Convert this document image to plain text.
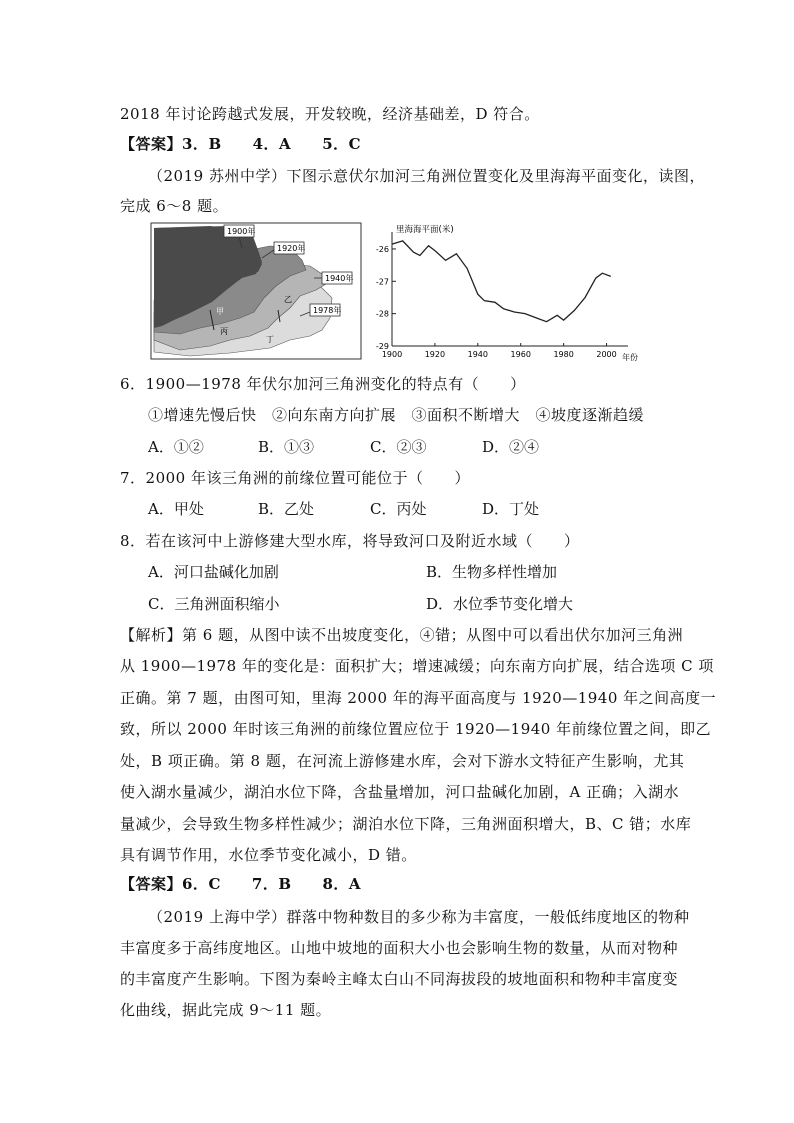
2018 年讨论跨越式发展，开发较晚，经济基础差，D 符合。
【答案】3．B　　4．A　　5．C
（2019 苏州中学）下图示意伏尔加河三角洲位置变化及里海海平面变化，读图，
完成 6～8 题。
1900年
1920年
1940年
1978年
甲
乙
丙
丁
里海海平面(米)
年份
-26
-27
-28
-29
1900	1920	1940	1960	1980	2000
6．1900—1978 年伏尔加河三角洲变化的特点有（　　）
①增速先慢后快　②向东南方向扩展　③面积不断增大　④坡度逐渐趋缓
A．①②	B．①③	C．②③	D．②④
7．2000 年该三角洲的前缘位置可能位于（　　）
A．甲处	B．乙处	C．丙处	D．丁处
8．若在该河中上游修建大型水库，将导致河口及附近水域（　　）
A．河口盐碱化加剧	B．生物多样性增加
C．三角洲面积缩小	D．水位季节变化增大
【解析】第 6 题，从图中读不出坡度变化，④错；从图中可以看出伏尔加河三角洲
从 1900—1978 年的变化是：面积扩大；增速减缓；向东南方向扩展，结合选项 C 项
正确。第 7 题，由图可知，里海 2000 年的海平面高度与 1920—1940 年之间高度一
致，所以 2000 年时该三角洲的前缘位置应位于 1920—1940 年前缘位置之间，即乙
处，B 项正确。第 8 题，在河流上游修建水库，会对下游水文特征产生影响，尤其
使入湖水量减少，湖泊水位下降，含盐量增加，河口盐碱化加剧，A 正确；入湖水
量减少，会导致生物多样性减少；湖泊水位下降，三角洲面积增大，B、C 错；水库
具有调节作用，水位季节变化减小，D 错。
【答案】6．C　　7．B　　8．A
（2019 上海中学）群落中物种数目的多少称为丰富度，一般低纬度地区的物种
丰富度多于高纬度地区。山地中坡地的面积大小也会影响生物的数量，从而对物种
的丰富度产生影响。下图为秦岭主峰太白山不同海拔段的坡地面积和物种丰富度变
化曲线，据此完成 9～11 题。
